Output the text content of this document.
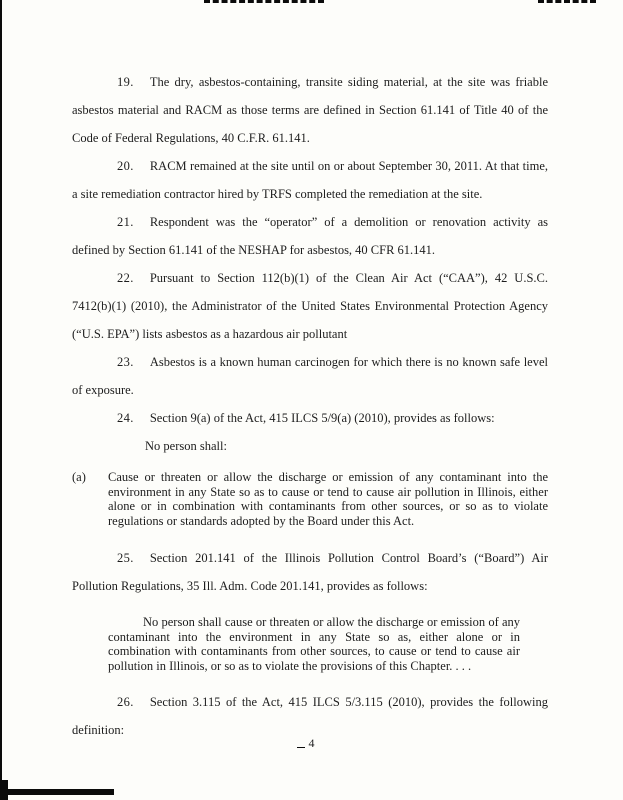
19. The dry, asbestos-containing, transite siding material, at the site was friable asbestos material and RACM as those terms are defined in Section 61.141 of Title 40 of the Code of Federal Regulations, 40 C.F.R. 61.141.

20. RACM remained at the site until on or about September 30, 2011. At that time, a site remediation contractor hired by TRFS completed the remediation at the site.

21. Respondent was the “operator” of a demolition or renovation activity as defined by Section 61.141 of the NESHAP for asbestos, 40 CFR 61.141.

22. Pursuant to Section 112(b)(1) of the Clean Air Act (“CAA”), 42 U.S.C. 7412(b)(1) (2010), the Administrator of the United States Environmental Protection Agency (“U.S. EPA”) lists asbestos as a hazardous air pollutant

23. Asbestos is a known human carcinogen for which there is no known safe level of exposure.

24. Section 9(a) of the Act, 415 ILCS 5/9(a) (2010), provides as follows:

No person shall:

(a)	Cause or threaten or allow the discharge or emission of any contaminant into the environment in any State so as to cause or tend to cause air pollution in Illinois, either alone or in combination with contaminants from other sources, or so as to violate regulations or standards adopted by the Board under this Act.

25. Section 201.141 of the Illinois Pollution Control Board’s (“Board”) Air Pollution Regulations, 35 Ill. Adm. Code 201.141, provides as follows:

No person shall cause or threaten or allow the discharge or emission of any contaminant into the environment in any State so as, either alone or in combination with contaminants from other sources, to cause or tend to cause air pollution in Illinois, or so as to violate the provisions of this Chapter. . . .

26. Section 3.115 of the Act, 415 ILCS 5/3.115 (2010), provides the following definition:

4
